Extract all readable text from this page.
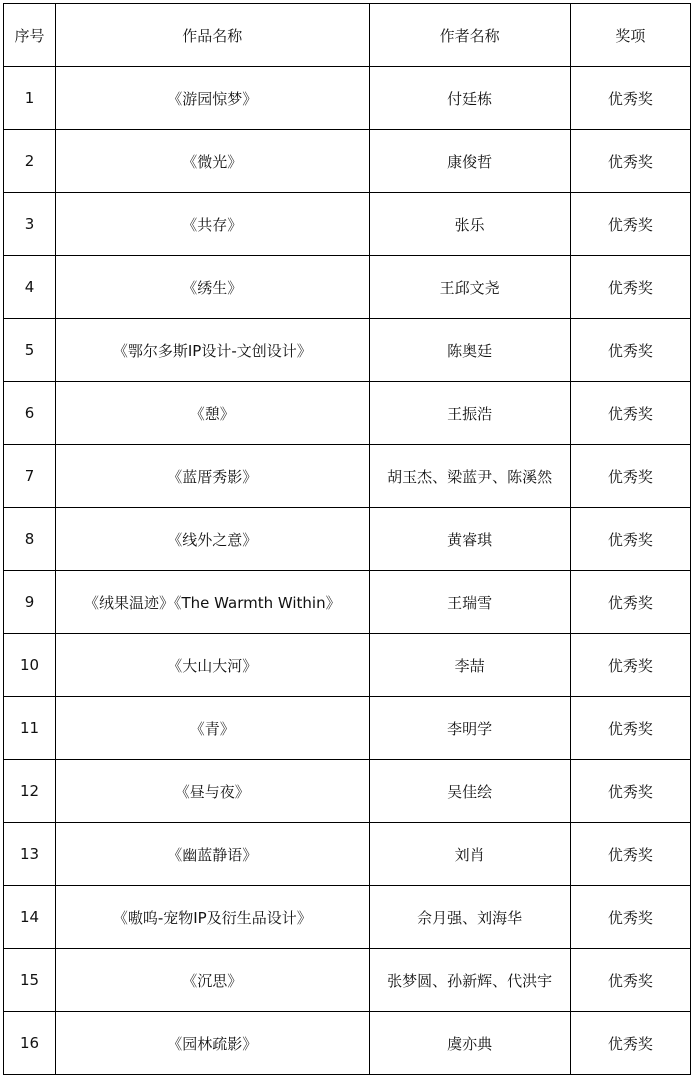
序号	作品名称	作者名称	奖项
1	《游园惊梦》	付廷栋	优秀奖
2	《微光》	康俊哲	优秀奖
3	《共存》	张乐	优秀奖
4	《绣生》	王邱文尧	优秀奖
5	《鄂尔多斯IP设计-文创设计》	陈奥廷	优秀奖
6	《憩》	王振浩	优秀奖
7	《蓝厝秀影》	胡玉杰、梁蓝尹、陈溪然	优秀奖
8	《线外之意》	黄睿琪	优秀奖
9	《绒果温迹》《The Warmth Within》	王瑞雪	优秀奖
10	《大山大河》	李喆	优秀奖
11	《青》	李明学	优秀奖
12	《昼与夜》	吴佳绘	优秀奖
13	《幽蓝静语》	刘肖	优秀奖
14	《嗷呜-宠物IP及衍生品设计》	佘月强、刘海华	优秀奖
15	《沉思》	张梦圆、孙新辉、代洪宇	优秀奖
16	《园林疏影》	虞亦典	优秀奖
